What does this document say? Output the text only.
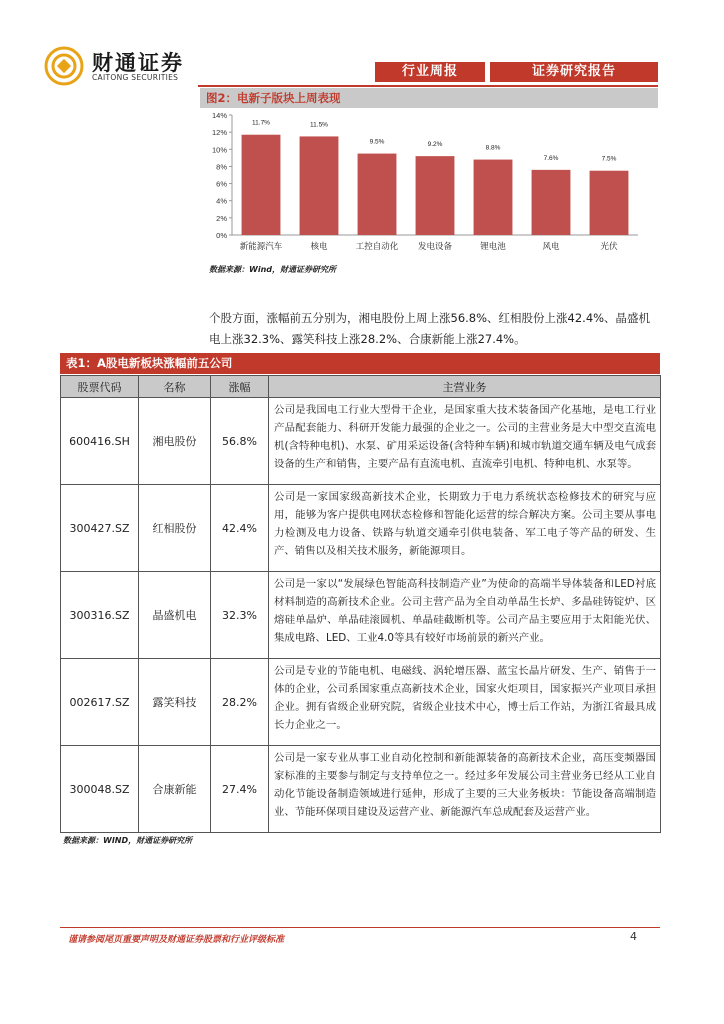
财通证券
CAITONG SECURITIES	行业周报	证券研究报告
图2：电新子版块上周表现
0%
2%
4%
6%
8%
10%
12%
14%
11.7%
新能源汽车
11.5%
核电
9.5%
工控自动化
9.2%
发电设备
8.8%
锂电池
7.6%
风电
7.5%
光伏
数据来源：Wind，财通证券研究所
个股方面，涨幅前五分别为，湘电股份上周上涨56.8%、红相股份上涨42.4%、晶盛机电上涨32.3%、露笑科技上涨28.2%、合康新能上涨27.4%。
表1：A股电新板块涨幅前五公司
股票代码	名称	涨幅	主营业务
600416.SH	湘电股份	56.8%	公司是我国电工行业大型骨干企业，是国家重大技术装备国产化基地，是电工行业产品配套能力、科研开发能力最强的企业之一。公司的主营业务是大中型交直流电机(含特种电机)、水泵、矿用采运设备(含特种车辆)和城市轨道交通车辆及电气成套设备的生产和销售，主要产品有直流电机、直流牵引电机、特种电机、水泵等。
300427.SZ	红相股份	42.4%	公司是一家国家级高新技术企业，长期致力于电力系统状态检修技术的研究与应用，能够为客户提供电网状态检修和智能化运营的综合解决方案。公司主要从事电力检测及电力设备、铁路与轨道交通牵引供电装备、军工电子等产品的研发、生产、销售以及相关技术服务，新能源项目。
300316.SZ	晶盛机电	32.3%	公司是一家以“发展绿色智能高科技制造产业”为使命的高端半导体装备和LED衬底材料制造的高新技术企业。公司主营产品为全自动单晶生长炉、多晶硅铸锭炉、区熔硅单晶炉、单晶硅滚圆机、单晶硅截断机等。公司产品主要应用于太阳能光伏、集成电路、LED、工业4.0等具有较好市场前景的新兴产业。
002617.SZ	露笑科技	28.2%	公司是专业的节能电机、电磁线、涡轮增压器、蓝宝长晶片研发、生产、销售于一体的企业，公司系国家重点高新技术企业，国家火炬项目，国家振兴产业项目承担企业。拥有省级企业研究院，省级企业技术中心，博士后工作站，为浙江省最具成长力企业之一。
300048.SZ	合康新能	27.4%	公司是一家专业从事工业自动化控制和新能源装备的高新技术企业，高压变频器国家标准的主要参与制定与支持单位之一。经过多年发展公司主营业务已经从工业自动化节能设备制造领域进行延伸，形成了主要的三大业务板块：节能设备高端制造业、节能环保项目建设及运营产业、新能源汽车总成配套及运营产业。
数据来源：WIND，财通证券研究所
谨请参阅尾页重要声明及财通证券股票和行业评级标准	4
